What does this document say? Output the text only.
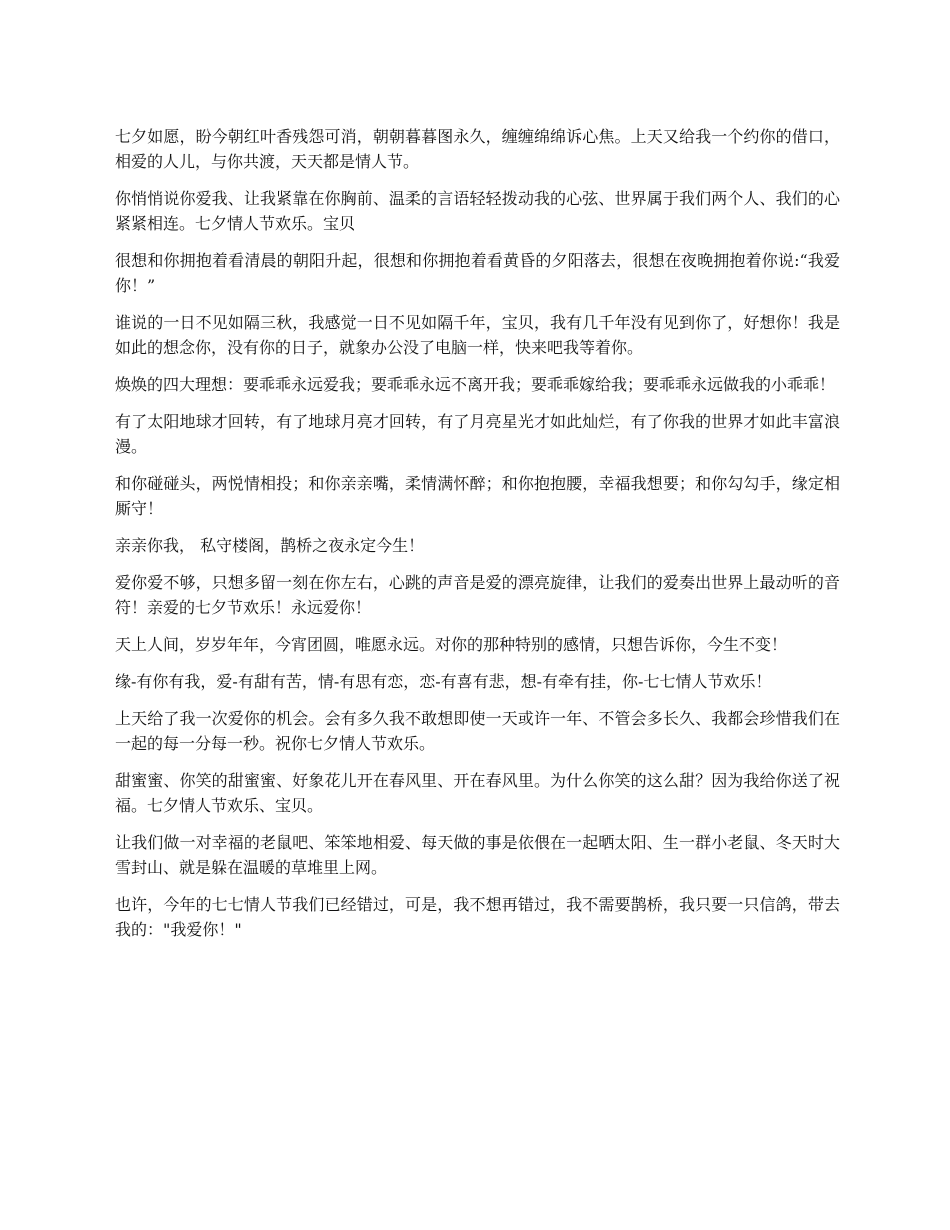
七夕如愿，盼今朝红叶香残怨可消，朝朝暮暮图永久，缠缠绵绵诉心焦。上天又给我一个约你的借口，相爱的人儿，与你共渡，天天都是情人节。

你悄悄说你爱我、让我紧靠在你胸前、温柔的言语轻轻拨动我的心弦、世界属于我们两个人、我们的心紧紧相连。七夕情人节欢乐。宝贝

很想和你拥抱着看清晨的朝阳升起，很想和你拥抱着看黄昏的夕阳落去，很想在夜晚拥抱着你说:“我爱你！”

谁说的一日不见如隔三秋，我感觉一日不见如隔千年，宝贝，我有几千年没有见到你了，好想你！我是如此的想念你，没有你的日子，就象办公没了电脑一样，快来吧我等着你。

焕焕的四大理想：要乖乖永远爱我；要乖乖永远不离开我；要乖乖嫁给我；要乖乖永远做我的小乖乖！

有了太阳地球才回转，有了地球月亮才回转，有了月亮星光才如此灿烂，有了你我的世界才如此丰富浪漫。

和你碰碰头，两悦情相投；和你亲亲嘴，柔情满怀醉；和你抱抱腰，幸福我想要；和你勾勾手，缘定相厮守！

亲亲你我， 私守楼阁，鹊桥之夜永定今生！

爱你爱不够，只想多留一刻在你左右，心跳的声音是爱的漂亮旋律，让我们的爱奏出世界上最动听的音符！亲爱的七夕节欢乐！永远爱你！

天上人间，岁岁年年，今宵团圆，唯愿永远。对你的那种特别的感情，只想告诉你，今生不变！

缘-有你有我，爱-有甜有苦，情-有思有恋，恋-有喜有悲，想-有牵有挂，你-七七情人节欢乐！

上天给了我一次爱你的机会。会有多久我不敢想即使一天或许一年、不管会多长久、我都会珍惜我们在一起的每一分每一秒。祝你七夕情人节欢乐。

甜蜜蜜、你笑的甜蜜蜜、好象花儿开在春风里、开在春风里。为什么你笑的这么甜？因为我给你送了祝福。七夕情人节欢乐、宝贝。

让我们做一对幸福的老鼠吧、笨笨地相爱、每天做的事是依偎在一起晒太阳、生一群小老鼠、冬天时大雪封山、就是躲在温暖的草堆里上网。

也许，今年的七七情人节我们已经错过，可是，我不想再错过，我不需要鹊桥，我只要一只信鸽，带去我的："我爱你！"
